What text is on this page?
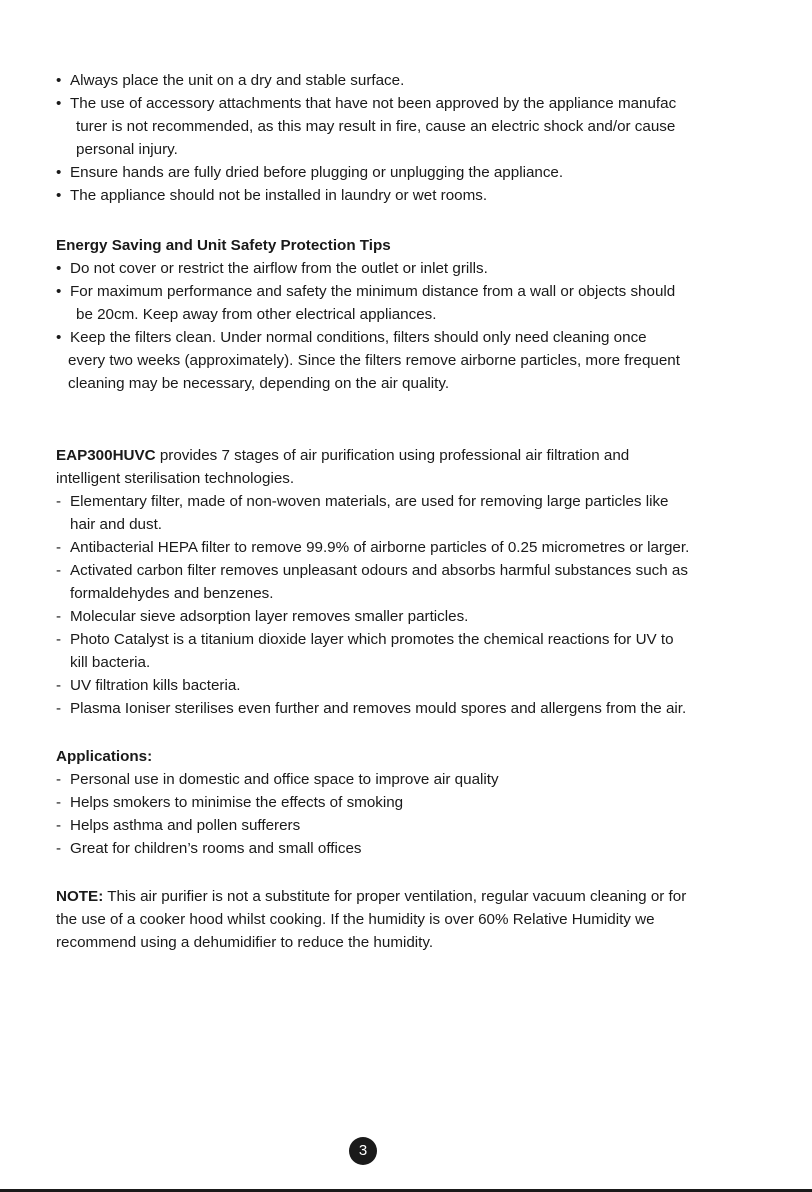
• Always place the unit on a dry and stable surface.
• The use of accessory attachments that have not been approved by the appliance manufac
turer is not recommended, as this may result in fire, cause an electric shock and/or cause
personal injury.
• Ensure hands are fully dried before plugging or unplugging the appliance.
• The appliance should not be installed in laundry or wet rooms.
Energy Saving and Unit Safety Protection Tips
• Do not cover or restrict the airflow from the outlet or inlet grills.
• For maximum performance and safety the minimum distance from a wall or objects should
be 20cm. Keep away from other electrical appliances.
• Keep the filters clean. Under normal conditions, filters should only need cleaning once
every two weeks (approximately). Since the filters remove airborne particles, more frequent
cleaning may be necessary, depending on the air quality.
EAP300HUVC provides 7 stages of air purification using professional air filtration and
intelligent sterilisation technologies.
- Elementary filter, made of non-woven materials, are used for removing large particles like
hair and dust.
- Antibacterial HEPA filter to remove 99.9% of airborne particles of 0.25 micrometres or larger.
- Activated carbon filter removes unpleasant odours and absorbs harmful substances such as
formaldehydes and benzenes.
- Molecular sieve adsorption layer removes smaller particles.
- Photo Catalyst is a titanium dioxide layer which promotes the chemical reactions for UV to
kill bacteria.
- UV filtration kills bacteria.
- Plasma Ioniser sterilises even further and removes mould spores and allergens from the air.
Applications:
- Personal use in domestic and office space to improve air quality
- Helps smokers to minimise the effects of smoking
- Helps asthma and pollen sufferers
- Great for children’s rooms and small offices
NOTE: This air purifier is not a substitute for proper ventilation, regular vacuum cleaning or for
the use of a cooker hood whilst cooking. If the humidity is over 60% Relative Humidity we
recommend using a dehumidifier to reduce the humidity.
3
